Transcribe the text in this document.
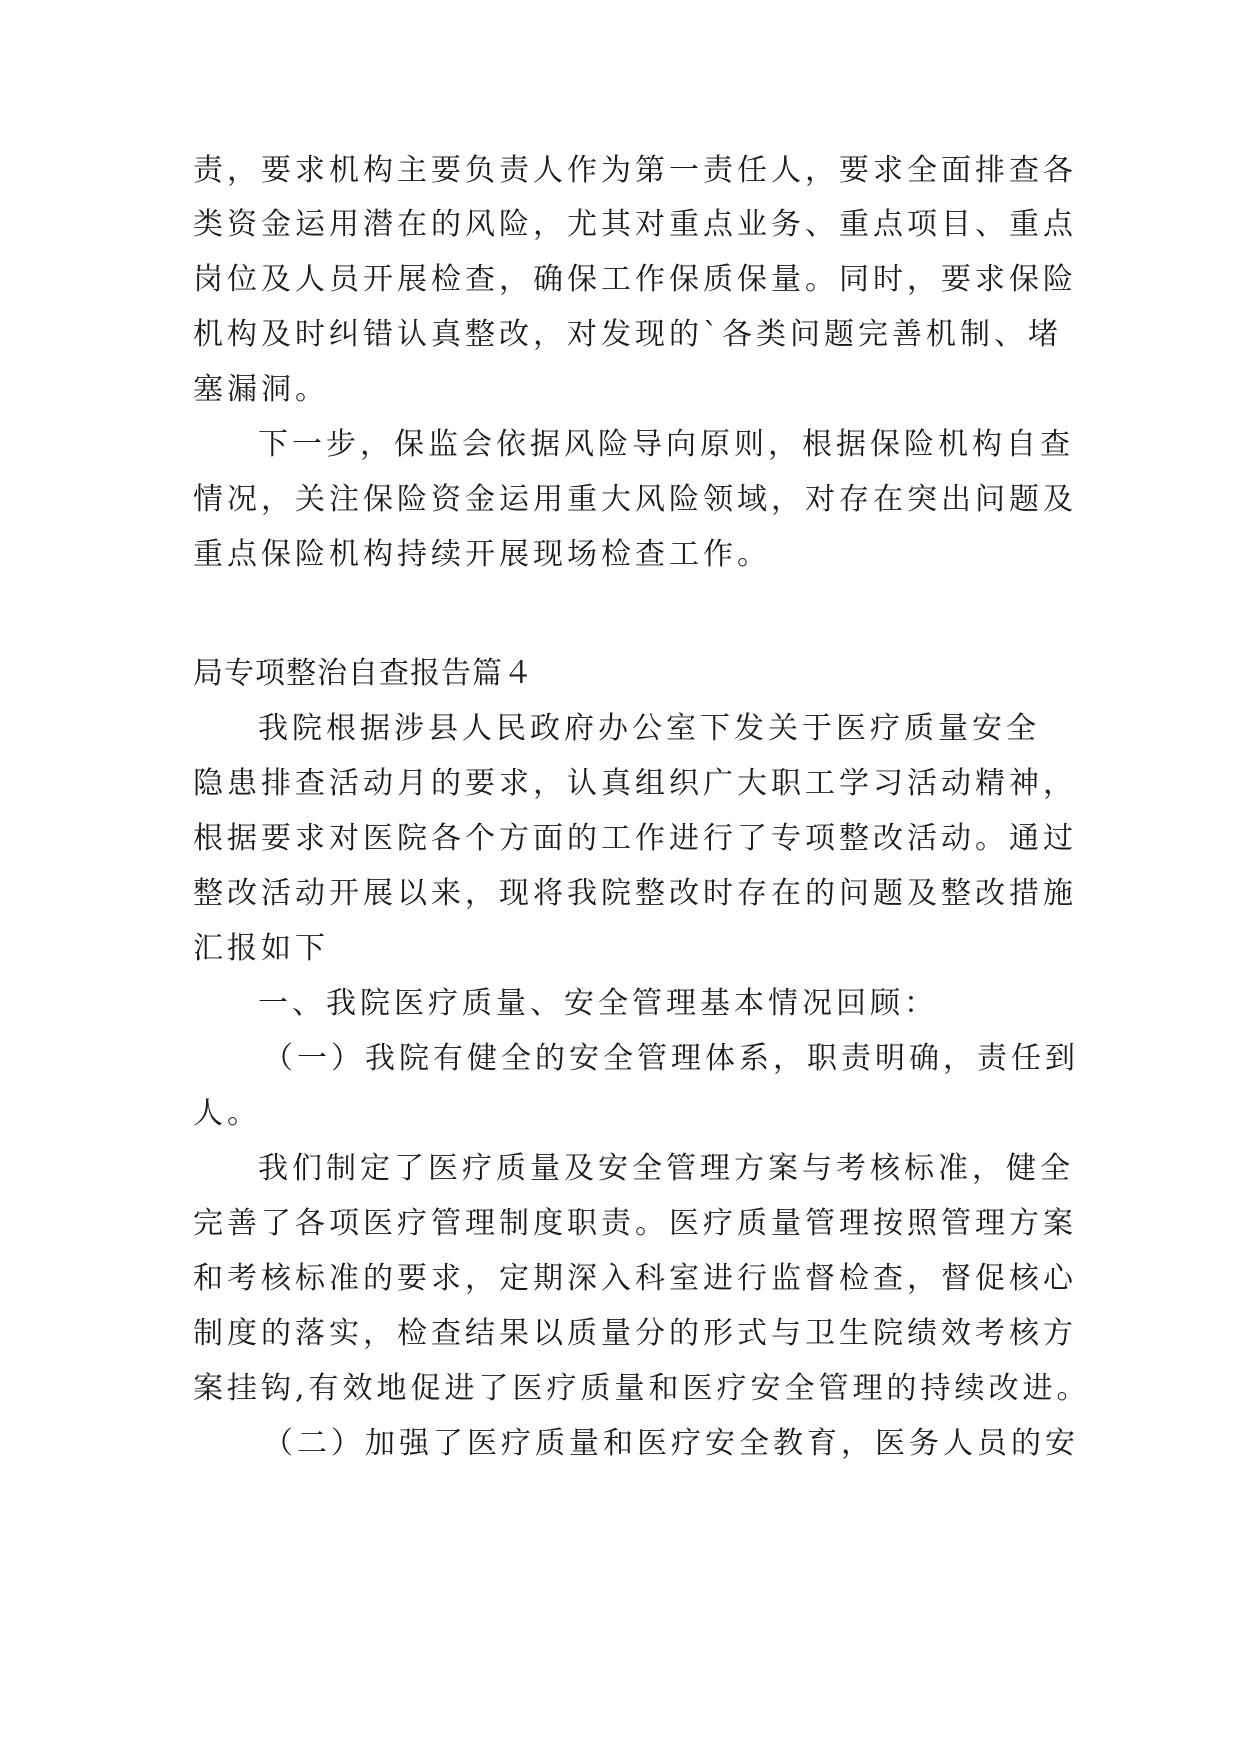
责，要求机构主要负责人作为第一责任人，要求全面排查各
类资金运用潜在的风险，尤其对重点业务、重点项目、重点
岗位及人员开展检查，确保工作保质保量。同时，要求保险
机构及时纠错认真整改，对发现的`各类问题完善机制、堵
塞漏洞。
下一步，保监会依据风险导向原则，根据保险机构自查
情况，关注保险资金运用重大风险领域，对存在突出问题及
重点保险机构持续开展现场检查工作。
局专项整治自查报告篇４
我院根据涉县人民政府办公室下发关于医疗质量安全
隐患排查活动月的要求，认真组织广大职工学习活动精神，
根据要求对医院各个方面的工作进行了专项整改活动。通过
整改活动开展以来，现将我院整改时存在的问题及整改措施
汇报如下
一、我院医疗质量、安全管理基本情况回顾：
（一）我院有健全的安全管理体系，职责明确，责任到
人。
我们制定了医疗质量及安全管理方案与考核标准，健全
完善了各项医疗管理制度职责。医疗质量管理按照管理方案
和考核标准的要求，定期深入科室进行监督检查，督促核心
制度的落实，检查结果以质量分的形式与卫生院绩效考核方
案挂钩,有效地促进了医疗质量和医疗安全管理的持续改进。
（二）加强了医疗质量和医疗安全教育，医务人员的安
